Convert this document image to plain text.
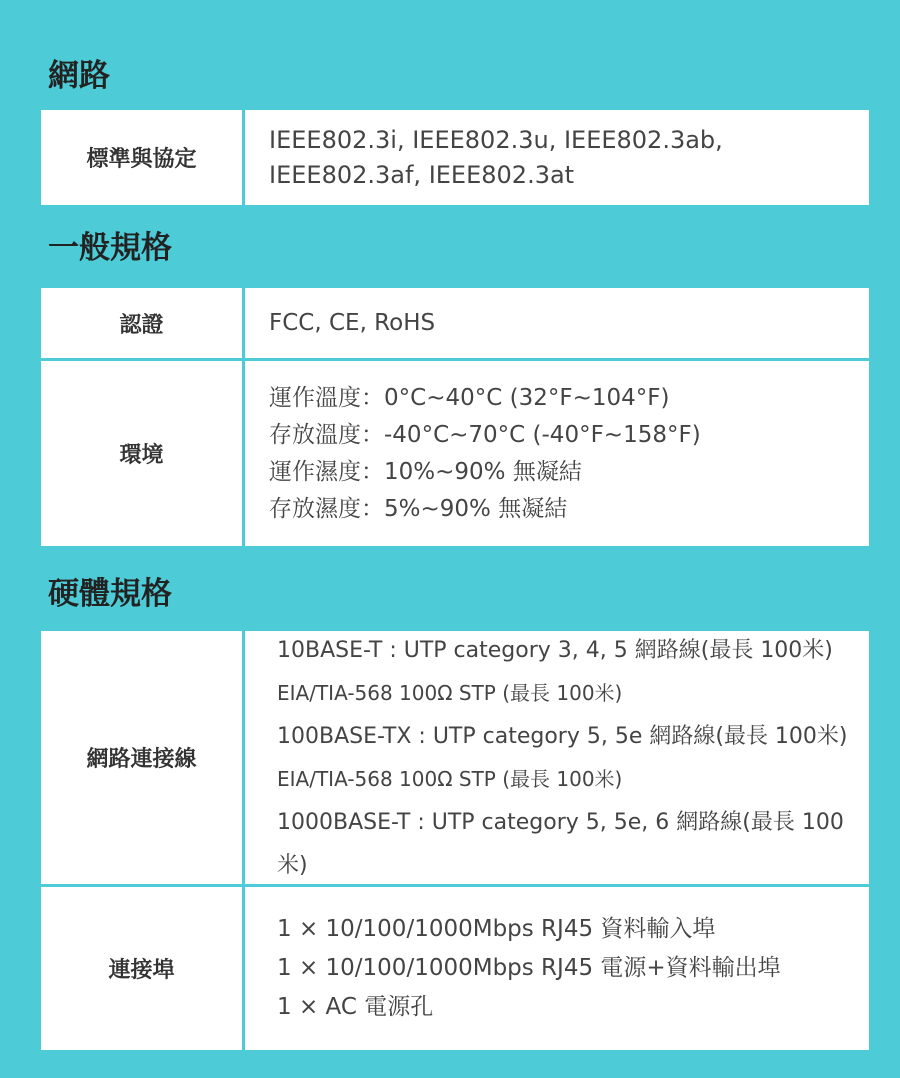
網路
標準與協定
IEEE802.3i, IEEE802.3u, IEEE802.3ab,
IEEE802.3af, IEEE802.3at
一般規格
認證	FCC, CE, RoHS
環境
運作溫度：0°C~40°C (32°F~104°F)
存放溫度：-40°C~70°C (-40°F~158°F)
運作濕度：10%~90% 無凝結
存放濕度：5%~90% 無凝結
硬體規格
網路連接線
10BASE-T : UTP category 3, 4, 5 網路線(最長 100米)
EIA/TIA-568 100Ω STP (最長 100米)
100BASE-TX : UTP category 5, 5e 網路線(最長 100米)
EIA/TIA-568 100Ω STP (最長 100米)
1000BASE-T : UTP category 5, 5e, 6 網路線(最長 100米)
連接埠
1 × 10/100/1000Mbps RJ45 資料輸入埠
1 × 10/100/1000Mbps RJ45 電源+資料輸出埠
1 × AC 電源孔
